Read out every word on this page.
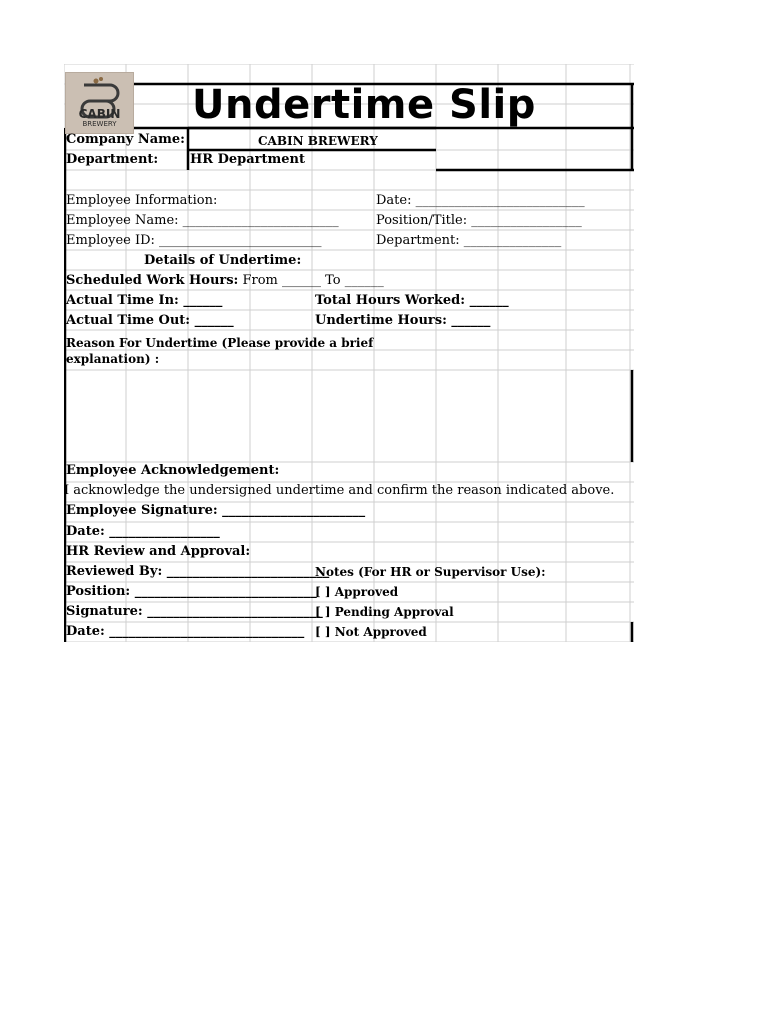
CABIN
BREWERY	Undertime Slip
Company Name:	CABIN BREWERY
Department: HR Department
Employee Information:
Employee Name: ________________________
Employee ID: _________________________
Date: __________________________
Position/Title: _________________
Department: _______________
Details of Undertime:
Scheduled Work Hours: From ______ To ______
Actual Time In: ______
Actual Time Out: ______
Total Hours Worked: ______
Undertime Hours: ______
Reason For Undertime (Please provide a brief
explanation) :
Employee Acknowledgement:
I acknowledge the undersigned undertime and confirm the reason indicated above.
Employee Signature: ______________________
Date: _________________
HR Review and Approval:
Reviewed By: _________________________
Position: ____________________________
Signature: ___________________________
Date: ______________________________
Notes (For HR or Supervisor Use):
[ ] Approved
[ ] Pending Approval
[ ] Not Approved
